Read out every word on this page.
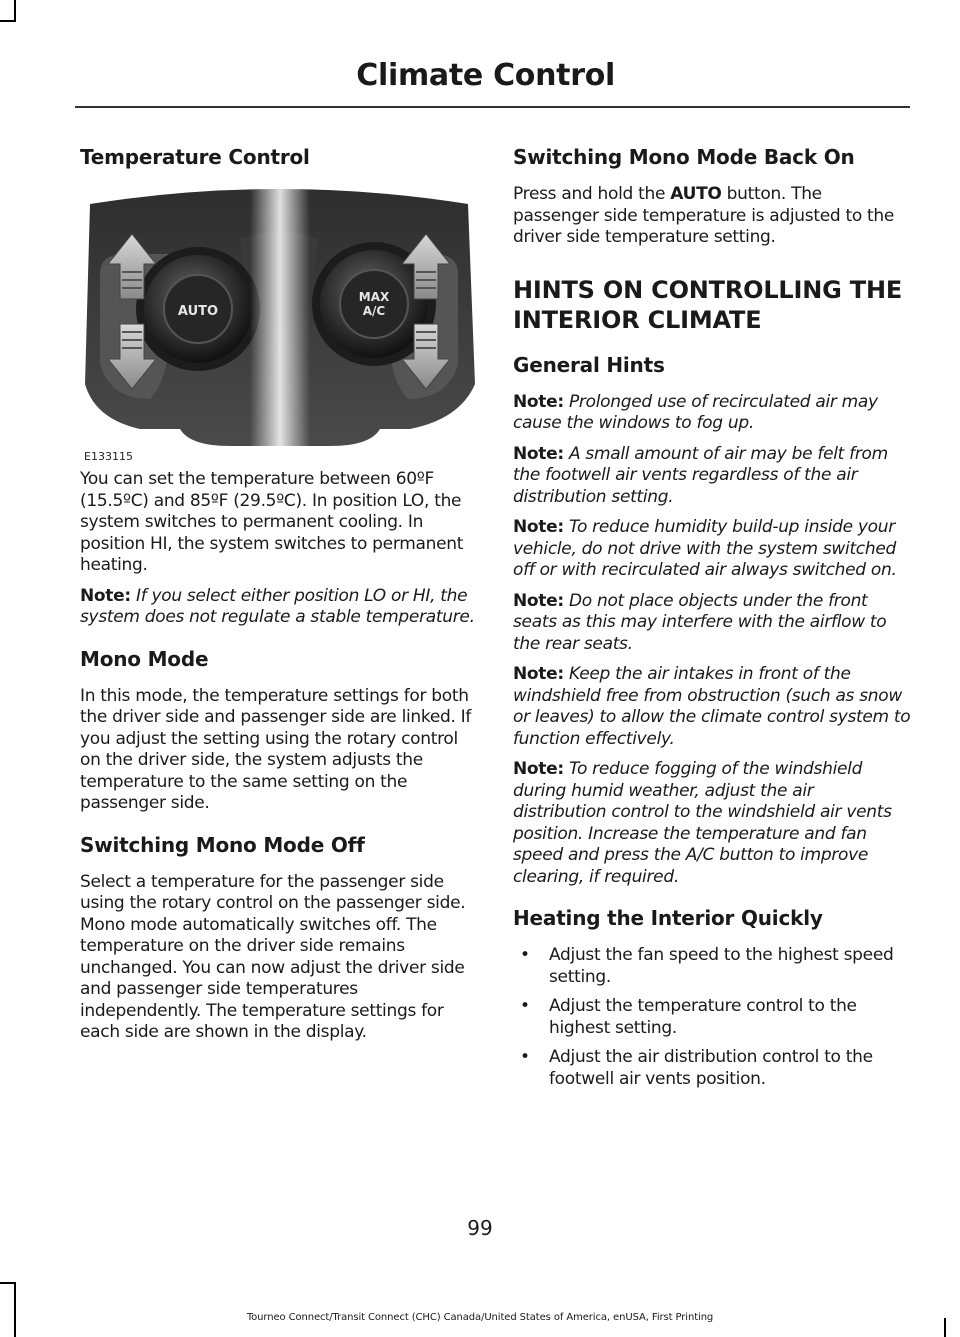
Climate Control
Temperature Control
AUTO
MAX
A/C
E133115

You can set the temperature between 60ºF (15.5ºC) and 85ºF (29.5ºC). In position LO, the system switches to permanent cooling. In position HI, the system switches to permanent heating.

Note: If you select either position LO or HI, the system does not regulate a stable temperature.

Mono Mode

In this mode, the temperature settings for both the driver side and passenger side are linked. If you adjust the setting using the rotary control on the driver side, the system adjusts the temperature to the same setting on the passenger side.

Switching Mono Mode Off

Select a temperature for the passenger side using the rotary control on the passenger side. Mono mode automatically switches off. The temperature on the driver side remains unchanged. You can now adjust the driver side and passenger side temperatures independently. The temperature settings for each side are shown in the display.

Switching Mono Mode Back On

Press and hold the AUTO button. The passenger side temperature is adjusted to the driver side temperature setting.

HINTS ON CONTROLLING THE
INTERIOR CLIMATE
General Hints

Note: Prolonged use of recirculated air may cause the windows to fog up.

Note: A small amount of air may be felt from the footwell air vents regardless of the air distribution setting.

Note: To reduce humidity build-up inside your vehicle, do not drive with the system switched off or with recirculated air always switched on.

Note: Do not place objects under the front seats as this may interfere with the airflow to the rear seats.

Note: Keep the air intakes in front of the windshield free from obstruction (such as snow or leaves) to allow the climate control system to function effectively.

Note: To reduce fogging of the windshield during humid weather, adjust the air distribution control to the windshield air vents position. Increase the temperature and fan speed and press the A/C button to improve clearing, if required.

Heating the Interior Quickly
• Adjust the fan speed to the highest speed setting.
• Adjust the temperature control to the highest setting.
• Adjust the air distribution control to the footwell air vents position.
99
Tourneo Connect/Transit Connect (CHC) Canada/United States of America, enUSA, First Printing
